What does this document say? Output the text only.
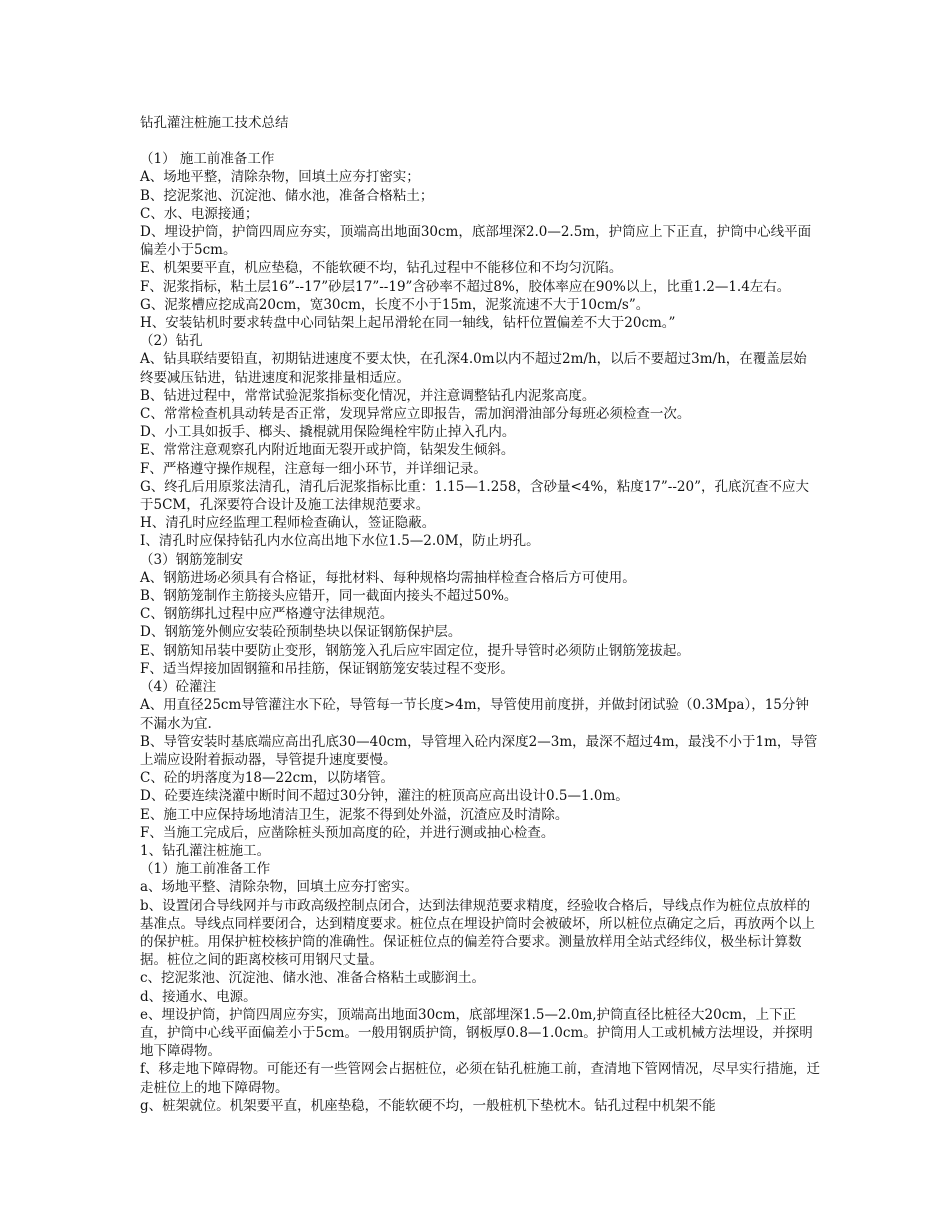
钻孔灌注桩施工技术总结

（1） 施工前准备工作

A、场地平整，清除杂物，回填土应夯打密实；

B、挖泥浆池、沉淀池、储水池，准备合格粘土；

C、水、电源接通；

D、埋设护筒，护筒四周应夯实，顶端高出地面30cm，底部埋深2.0—2.5m，护筒应上下正直，护筒中心线平面偏差小于5cm。

E、机架要平直，机应垫稳，不能软硬不均，钻孔过程中不能移位和不均匀沉陷。

F、泥浆指标，粘土层16”--17”砂层17”--19”含砂率不超过8%，胶体率应在90%以上，比重1.2—1.4左右。

G、泥浆槽应挖成高20cm，宽30cm，长度不小于15m，泥浆流速不大于10cm/s”。

H、安装钻机时要求转盘中心同钻架上起吊滑轮在同一轴线，钻杆位置偏差不大于20cm。”

（2）钻孔

A、钻具联结要铅直，初期钻进速度不要太快，在孔深4.0m以内不超过2m/h，以后不要超过3m/h，在覆盖层始终要减压钻进，钻进速度和泥浆排量相适应。

B、钻进过程中，常常试验泥浆指标变化情况，并注意调整钻孔内泥浆高度。

C、常常检查机具动转是否正常，发现异常应立即报告，需加润滑油部分每班必须检查一次。

D、小工具如扳手、榔头、撬棍就用保险绳栓牢防止掉入孔内。

E、常常注意观察孔内附近地面无裂开或护筒，钻架发生倾斜。

F、严格遵守操作规程，注意每一细小环节，并详细记录。

G、终孔后用原浆法清孔，清孔后泥浆指标比重：1.15—1.258，含砂量<4%，粘度17”--20”，孔底沉查不应大于5CM，孔深要符合设计及施工法律规范要求。

H、清孔时应经监理工程师检查确认，签证隐蔽。

I、清孔时应保持钻孔内水位高出地下水位1.5—2.0M，防止坍孔。

（3）钢筋笼制安

A、钢筋进场必须具有合格证，每批材料、每种规格均需抽样检查合格后方可使用。

B、钢筋笼制作主筋接头应错开，同一截面内接头不超过50%。

C、钢筋绑扎过程中应严格遵守法律规范。

D、钢筋笼外侧应安装砼预制垫块以保证钢筋保护层。

E、钢筋知吊装中要防止变形，钢筋笼入孔后应牢固定位，提升导管时必须防止钢筋笼拔起。

F、适当焊接加固钢箍和吊挂筋，保证钢筋笼安装过程不变形。

（4）砼灌注

A、用直径25cm导管灌注水下砼，导管每一节长度>4m，导管使用前度拼，并做封闭试验（0.3Mpa），15分钟不漏水为宜.

B、导管安装时基底端应高出孔底30—40cm，导管埋入砼内深度2—3m，最深不超过4m，最浅不小于1m，导管上端应设附着振动器，导管提升速度要慢。

C、砼的坍落度为18—22cm，以防堵管。

D、砼要连续浇灌中断时间不超过30分钟，灌注的桩顶高应高出设计0.5—1.0m。

E、施工中应保持场地清洁卫生，泥浆不得到处外溢，沉渣应及时清除。

F、当施工完成后，应凿除桩头预加高度的砼，并进行测或抽心检查。

1、钻孔灌注桩施工。

（1）施工前准备工作

a、场地平整、清除杂物，回填土应夯打密实。

b、设置闭合导线网并与市政高级控制点闭合，达到法律规范要求精度，经验收合格后，导线点作为桩位点放样的基准点。导线点同样要闭合，达到精度要求。桩位点在埋设护筒时会被破坏，所以桩位点确定之后，再放两个以上的保护桩。用保护桩校核护筒的准确性。保证桩位点的偏差符合要求。测量放样用全站式经纬仪，极坐标计算数据。桩位之间的距离校核可用钢尺丈量。

c、挖泥浆池、沉淀池、储水池、准备合格粘土或膨润土。

d、接通水、电源。

e、埋设护筒，护筒四周应夯实，顶端高出地面30cm，底部埋深1.5—2.0m,护筒直径比桩径大20cm，上下正直，护筒中心线平面偏差小于5cm。一般用钢质护筒，钢板厚0.8—1.0cm。护筒用人工或机械方法埋设，并探明地下障碍物。

f、移走地下障碍物。可能还有一些管网会占据桩位，必须在钻孔桩施工前，查清地下管网情况，尽早实行措施，迁走桩位上的地下障碍物。

g、桩架就位。机架要平直，机座垫稳，不能软硬不均，一般桩机下垫枕木。钻孔过程中机架不能
